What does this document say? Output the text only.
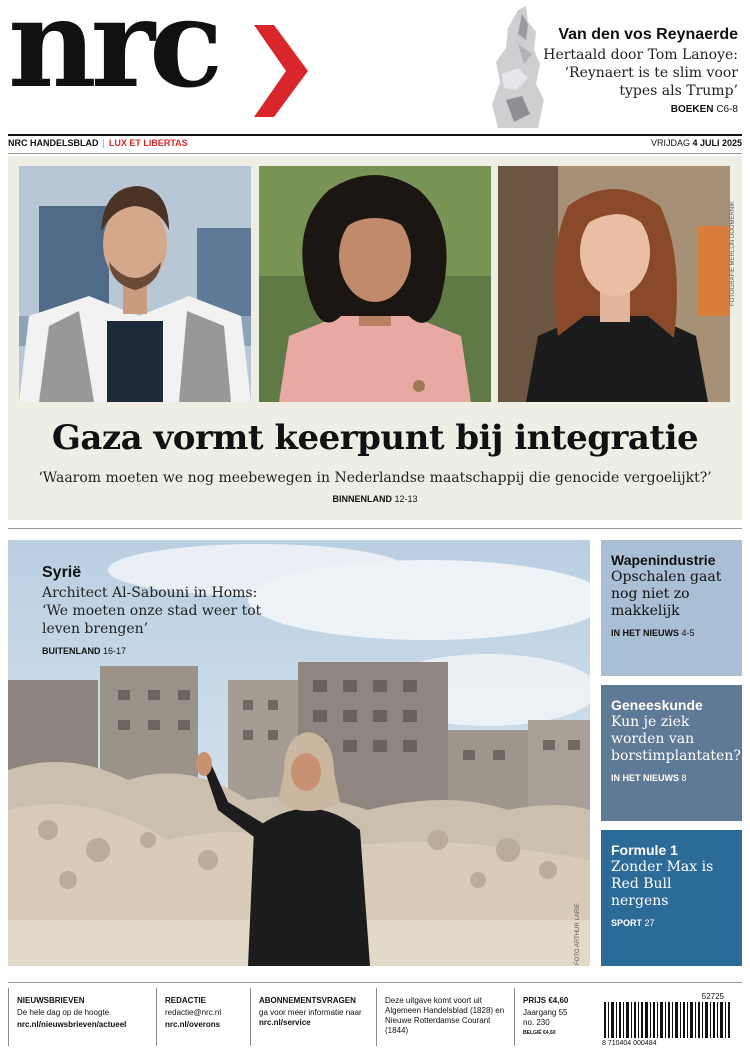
nrc	Van den vos Reynaerde
Hertaald door Tom Lanoye: ‘Reynaert is te slim voor types als Trump’
BOEKEN C6-8
NRC HANDELSBLAD | LUX ET LIBERTAS	VRIJDAG 4 JULI 2025
FOTOGRAFIE MERLIJN DOOMERNIK
Gaza vormt keerpunt bij integratie
‘Waarom moeten we nog meebewegen in Nederlandse maatschappij die genocide vergoelijkt?’
BINNENLAND 12-13
Syrië
Architect Al-Sabouni in Homs: ‘We moeten onze stad weer tot leven brengen’
BUITENLAND 16-17
FOTO ARTHUR LARIE
Wapenindustrie
Opschalen gaat nog niet zo makkelijk
IN HET NIEUWS 4-5
Geneeskunde
Kun je ziek worden van borstimplantaten?
IN HET NIEUWS 8
Formule 1
Zonder Max is Red Bull nergens
SPORT 27
NIEUWSBRIEVEN
De hele dag op de hoogte
nrc.nl/nieuwsbrieven/actueel
REDACTIE
redactie@nrc.nl
nrc.nl/overons
ABONNEMENTSVRAGEN
ga voor meer informatie naar nrc.nl/service
Deze uitgave komt voort uit Algemeen Handelsblad (1828) en Nieuwe Rotterdamse Courant (1844)
PRIJS €4,60
Jaargang 55
no. 230
BELGIË €4,60
52725
8 710404 000484
